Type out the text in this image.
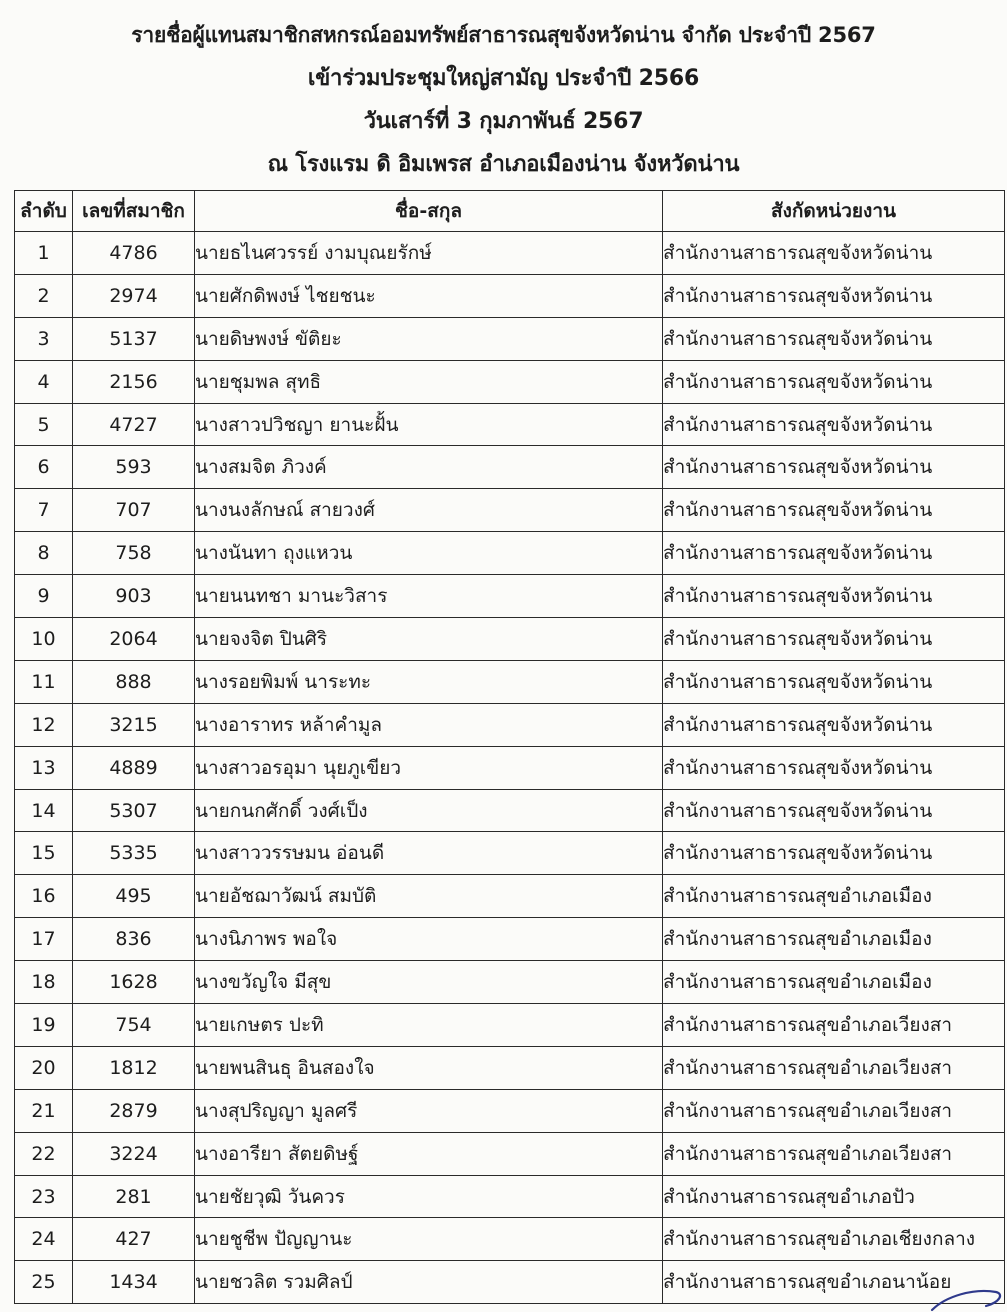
รายชื่อผู้แทนสมาชิกสหกรณ์ออมทรัพย์สาธารณสุขจังหวัดน่าน จำกัด ประจำปี 2567
เข้าร่วมประชุมใหญ่สามัญ ประจำปี 2566
วันเสาร์ที่ 3 กุมภาพันธ์ 2567
ณ โรงแรม ดิ อิมเพรส อำเภอเมืองน่าน จังหวัดน่าน
ลำดับ	เลขที่สมาชิก	ชื่อ-สกุล	สังกัดหน่วยงาน
1	4786	นายธไนศวรรย์ งามบุณยรักษ์	สำนักงานสาธารณสุขจังหวัดน่าน
2	2974	นายศักดิพงษ์ ไชยชนะ	สำนักงานสาธารณสุขจังหวัดน่าน
3	5137	นายดิษพงษ์ ขัติยะ	สำนักงานสาธารณสุขจังหวัดน่าน
4	2156	นายชุมพล สุทธิ	สำนักงานสาธารณสุขจังหวัดน่าน
5	4727	นางสาวปวิชญา ยานะฝั้น	สำนักงานสาธารณสุขจังหวัดน่าน
6	593	นางสมจิต ภิวงค์	สำนักงานสาธารณสุขจังหวัดน่าน
7	707	นางนงลักษณ์ สายวงศ์	สำนักงานสาธารณสุขจังหวัดน่าน
8	758	นางนันทา ถุงแหวน	สำนักงานสาธารณสุขจังหวัดน่าน
9	903	นายนนทชา มานะวิสาร	สำนักงานสาธารณสุขจังหวัดน่าน
10	2064	นายจงจิต ปินศิริ	สำนักงานสาธารณสุขจังหวัดน่าน
11	888	นางรอยพิมพ์ นาระทะ	สำนักงานสาธารณสุขจังหวัดน่าน
12	3215	นางอาราทร หล้าคำมูล	สำนักงานสาธารณสุขจังหวัดน่าน
13	4889	นางสาวอรอุมา นุยภูเขียว	สำนักงานสาธารณสุขจังหวัดน่าน
14	5307	นายกนกศักดิ์ วงศ์เป็ง	สำนักงานสาธารณสุขจังหวัดน่าน
15	5335	นางสาววรรษมน อ่อนดี	สำนักงานสาธารณสุขจังหวัดน่าน
16	495	นายอัชฌาวัฒน์ สมบัติ	สำนักงานสาธารณสุขอำเภอเมือง
17	836	นางนิภาพร พอใจ	สำนักงานสาธารณสุขอำเภอเมือง
18	1628	นางขวัญใจ มีสุข	สำนักงานสาธารณสุขอำเภอเมือง
19	754	นายเกษตร ปะทิ	สำนักงานสาธารณสุขอำเภอเวียงสา
20	1812	นายพนสินธุ อินสองใจ	สำนักงานสาธารณสุขอำเภอเวียงสา
21	2879	นางสุปริญญา มูลศรี	สำนักงานสาธารณสุขอำเภอเวียงสา
22	3224	นางอารียา สัตยดิษฐ์	สำนักงานสาธารณสุขอำเภอเวียงสา
23	281	นายชัยวุฒิ วันควร	สำนักงานสาธารณสุขอำเภอปัว
24	427	นายชูชีพ ปัญญานะ	สำนักงานสาธารณสุขอำเภอเชียงกลาง
25	1434	นายชวลิต รวมศิลป์	สำนักงานสาธารณสุขอำเภอนาน้อย
